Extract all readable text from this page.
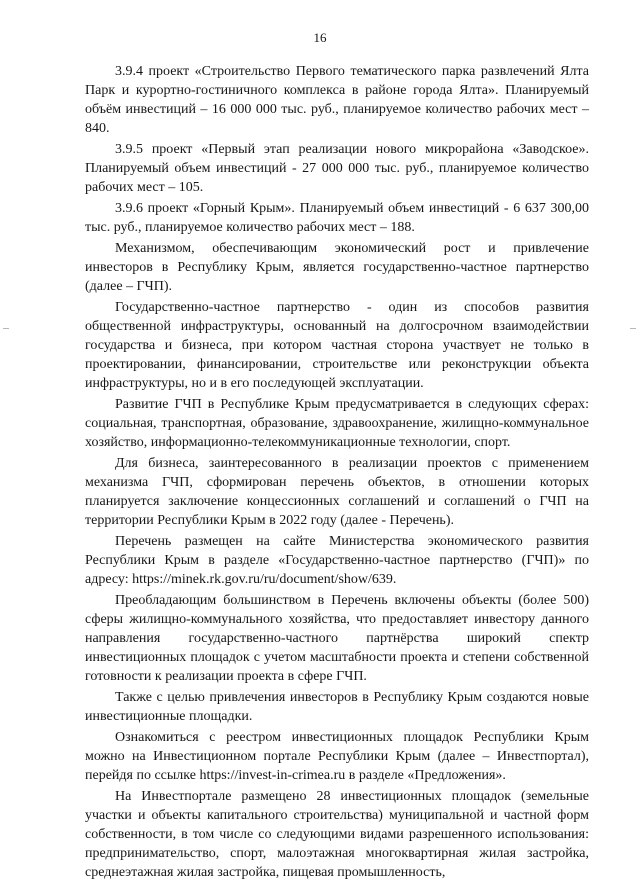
16

3.9.4 проект «Строительство Первого тематического парка развлечений Ялта Парк и курортно-гостиничного комплекса в районе города Ялта». Планируемый объём инвестиций – 16 000 000 тыс. руб., планируемое количество рабочих мест – 840.

3.9.5 проект «Первый этап реализации нового микрорайона «Заводское». Планируемый объем инвестиций - 27 000 000 тыс. руб., планируемое количество рабочих мест – 105.

3.9.6 проект «Горный Крым». Планируемый объем инвестиций - 6 637 300,00 тыс. руб., планируемое количество рабочих мест – 188.

Механизмом, обеспечивающим экономический рост и привлечение инвесторов в Республику Крым, является государственно-частное партнерство (далее – ГЧП).

Государственно-частное партнерство - один из способов развития общественной инфраструктуры, основанный на долгосрочном взаимодействии государства и бизнеса, при котором частная сторона участвует не только в проектировании, финансировании, строительстве или реконструкции объекта инфраструктуры, но и в его последующей эксплуатации.

Развитие ГЧП в Республике Крым предусматривается в следующих сферах: социальная, транспортная, образование, здравоохранение, жилищно-коммунальное хозяйство, информационно-телекоммуникационные технологии, спорт.

Для бизнеса, заинтересованного в реализации проектов с применением механизма ГЧП, сформирован перечень объектов, в отношении которых планируется заключение концессионных соглашений и соглашений о ГЧП на территории Республики Крым в 2022 году (далее - Перечень).

Перечень размещен на сайте Министерства экономического развития Республики Крым в разделе «Государственно-частное партнерство (ГЧП)» по адресу: https://minek.rk.gov.ru/ru/document/show/639.

Преобладающим большинством в Перечень включены объекты (более 500) сферы жилищно-коммунального хозяйства, что предоставляет инвестору данного направления государственно-частного партнёрства широкий спектр инвестиционных площадок с учетом масштабности проекта и степени собственной готовности к реализации проекта в сфере ГЧП.

Также с целью привлечения инвесторов в Республику Крым создаются новые инвестиционные площадки.

Ознакомиться с реестром инвестиционных площадок Республики Крым можно на Инвестиционном портале Республики Крым (далее – Инвестпортал), перейдя по ссылке https://invest-in-crimea.ru в разделе «Предложения».

На Инвестпортале размещено 28 инвестиционных площадок (земельные участки и объекты капитального строительства) муниципальной и частной форм собственности, в том числе со следующими видами разрешенного использования: предпринимательство, спорт, малоэтажная многоквартирная жилая застройка, среднеэтажная жилая застройка, пищевая промышленность,
